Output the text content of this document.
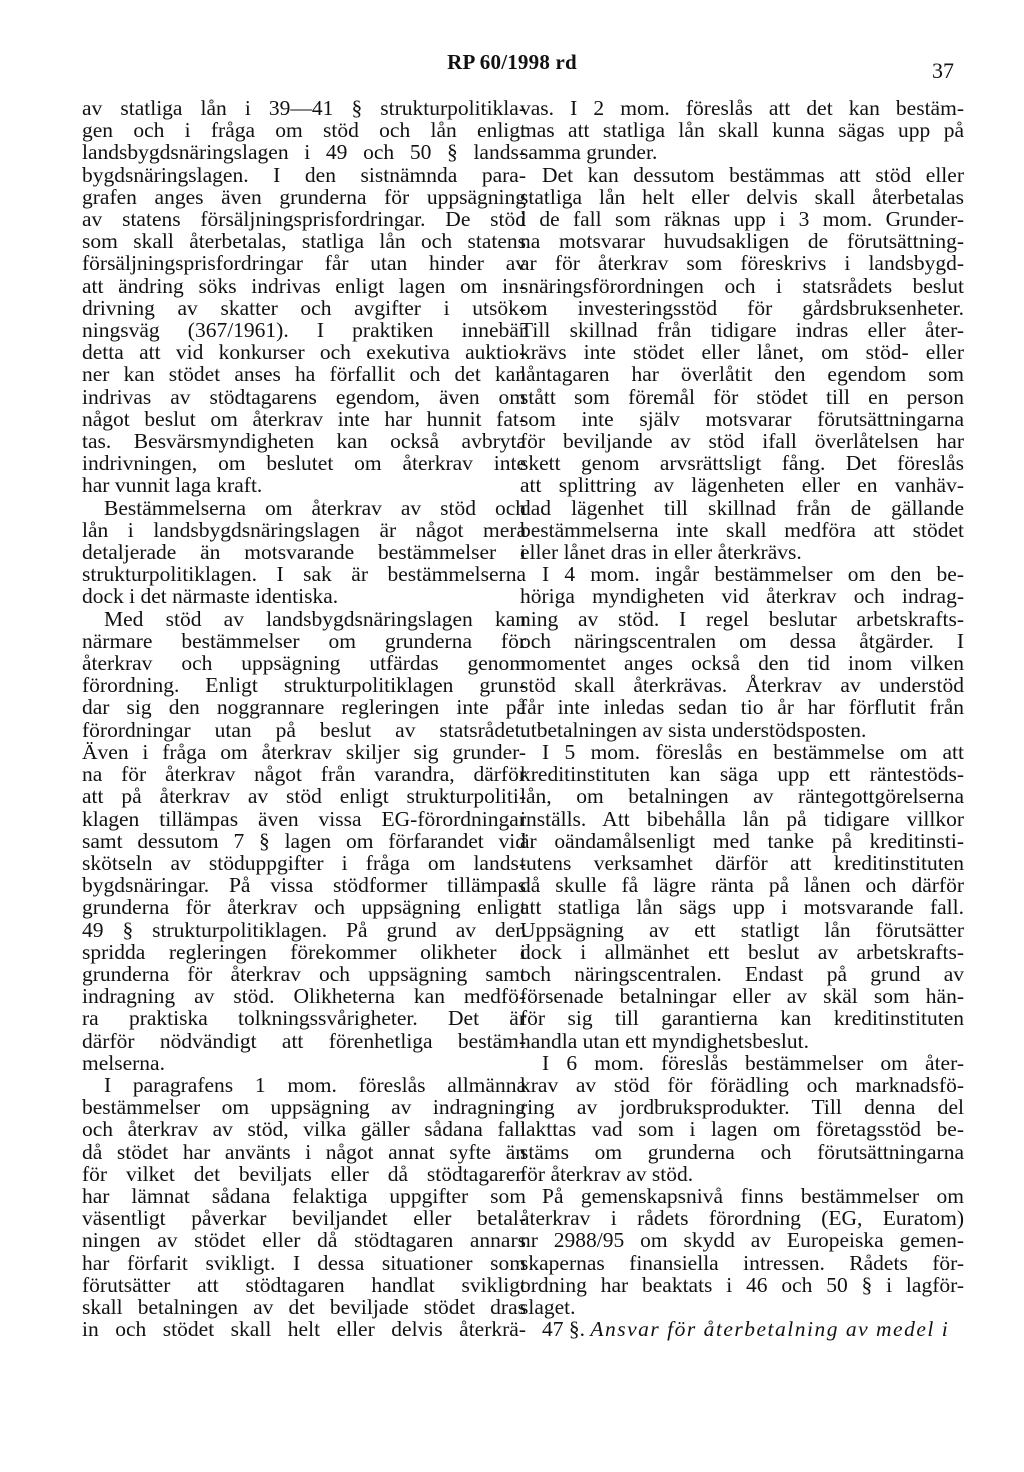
RP 60/1998 rd	37
av statliga lån i 39—41 § strukturpolitikla-
gen och i fråga om stöd och lån enligt
landsbygdsnäringslagen i 49 och 50 § lands-
bygdsnäringslagen. I den sistnämnda para-
grafen anges även grunderna för uppsägning
av statens försäljningsprisfordringar. De stöd
som skall återbetalas, statliga lån och statens
försäljningsprisfordringar får utan hinder av
att ändring söks indrivas enligt lagen om in-
drivning av skatter och avgifter i utsök-
ningsväg (367/1961). I praktiken innebär
detta att vid konkurser och exekutiva auktio-
ner kan stödet anses ha förfallit och det kan
indrivas av stödtagarens egendom, även om
något beslut om återkrav inte har hunnit fat-
tas. Besvärsmyndigheten kan också avbryta
indrivningen, om beslutet om återkrav inte
har vunnit laga kraft.
Bestämmelserna om återkrav av stöd och
lån i landsbygdsnäringslagen är något mera
detaljerade än motsvarande bestämmelser i
strukturpolitiklagen. I sak är bestämmelserna
dock i det närmaste identiska.
Med stöd av landsbygdsnäringslagen kan
närmare bestämmelser om grunderna för
återkrav och uppsägning utfärdas genom
förordning. Enligt strukturpolitiklagen grun-
dar sig den noggrannare regleringen inte på
förordningar utan på beslut av statsrådet.
Även i fråga om återkrav skiljer sig grunder-
na för återkrav något från varandra, därför
att på återkrav av stöd enligt strukturpoliti-
klagen tillämpas även vissa EG-förordningar
samt dessutom 7 § lagen om förfarandet vid
skötseln av stöduppgifter i fråga om lands-
bygdsnäringar. På vissa stödformer tillämpas
grunderna för återkrav och uppsägning enligt
49 § strukturpolitiklagen. På grund av den
spridda regleringen förekommer olikheter i
grunderna för återkrav och uppsägning samt
indragning av stöd. Olikheterna kan medfö-
ra praktiska tolkningssvårigheter. Det är
därför nödvändigt att förenhetliga bestäm-
melserna.
I paragrafens 1 mom. föreslås allmänna
bestämmelser om uppsägning av indragning
och återkrav av stöd, vilka gäller sådana fall
då stödet har använts i något annat syfte än
för vilket det beviljats eller då stödtagaren
har lämnat sådana felaktiga uppgifter som
väsentligt påverkar beviljandet eller betal-
ningen av stödet eller då stödtagaren annars
har förfarit svikligt. I dessa situationer som
förutsätter att stödtagaren handlat svikligt
skall betalningen av det beviljade stödet dras
in och stödet skall helt eller delvis återkrä-
vas. I 2 mom. föreslås att det kan bestäm-
mas att statliga lån skall kunna sägas upp på
samma grunder.
Det kan dessutom bestämmas att stöd eller
statliga lån helt eller delvis skall återbetalas
i de fall som räknas upp i 3 mom. Grunder-
na motsvarar huvudsakligen de förutsättning-
ar för återkrav som föreskrivs i landsbygd-
snäringsförordningen och i statsrådets beslut
om investeringsstöd för gårdsbruksenheter.
Till skillnad från tidigare indras eller åter-
krävs inte stödet eller lånet, om stöd- eller
låntagaren har överlåtit den egendom som
stått som föremål för stödet till en person
som inte själv motsvarar förutsättningarna
för beviljande av stöd ifall överlåtelsen har
skett genom arvsrättsligt fång. Det föreslås
att splittring av lägenheten eller en vanhäv-
dad lägenhet till skillnad från de gällande
bestämmelserna inte skall medföra att stödet
eller lånet dras in eller återkrävs.
I 4 mom. ingår bestämmelser om den be-
höriga myndigheten vid återkrav och indrag-
ning av stöd. I regel beslutar arbetskrafts-
och näringscentralen om dessa åtgärder. I
momentet anges också den tid inom vilken
stöd skall återkrävas. Återkrav av understöd
får inte inledas sedan tio år har förflutit från
utbetalningen av sista understödsposten.
I 5 mom. föreslås en bestämmelse om att
kreditinstituten kan säga upp ett räntestöds-
lån, om betalningen av räntegottgörelserna
inställs. Att bibehålla lån på tidigare villkor
är oändamålsenligt med tanke på kreditinsti-
tutens verksamhet därför att kreditinstituten
då skulle få lägre ränta på lånen och därför
att statliga lån sägs upp i motsvarande fall.
Uppsägning av ett statligt lån förutsätter
dock i allmänhet ett beslut av arbetskrafts-
och näringscentralen. Endast på grund av
försenade betalningar eller av skäl som hän-
för sig till garantierna kan kreditinstituten
handla utan ett myndighetsbeslut.
I 6 mom. föreslås bestämmelser om åter-
krav av stöd för förädling och marknadsfö-
ring av jordbruksprodukter. Till denna del
iakttas vad som i lagen om företagsstöd be-
stäms om grunderna och förutsättningarna
för återkrav av stöd.
På gemenskapsnivå finns bestämmelser om
återkrav i rådets förordning (EG, Euratom)
nr 2988/95 om skydd av Europeiska gemen-
skapernas finansiella intressen. Rådets för-
ordning har beaktats i 46 och 50 § i lagför-
slaget.
47 §. Ansvar för återbetalning av medel i
